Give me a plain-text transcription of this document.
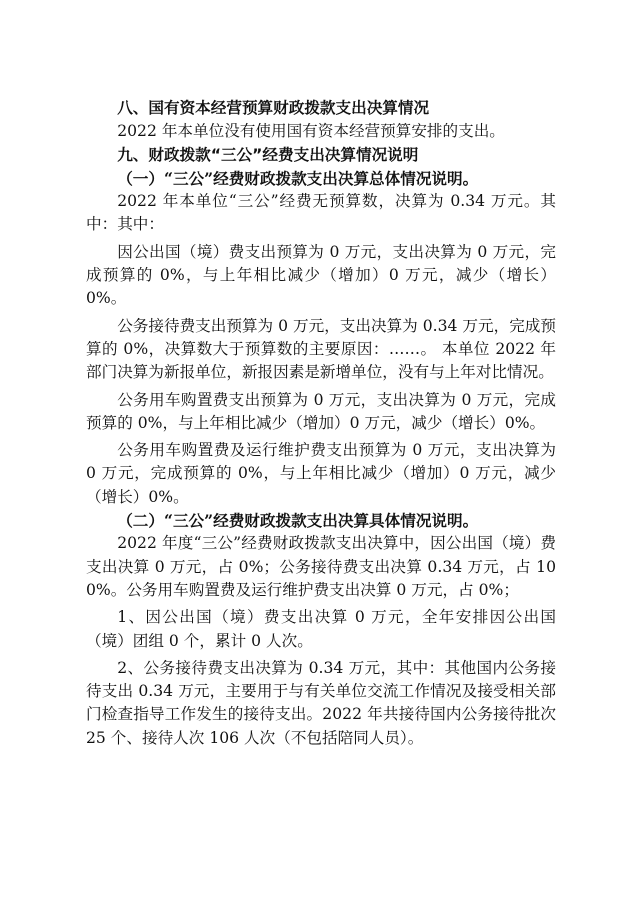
八、国有资本经营预算财政拨款支出决算情况

2022 年本单位没有使用国有资本经营预算安排的支出。

九、财政拨款“三公”经费支出决算情况说明

（一）“三公”经费财政拨款支出决算总体情况说明。

2022 年本单位“三公”经费无预算数，决算为 0.34 万元。其中：其中：

因公出国（境）费支出预算为 0 万元，支出决算为 0 万元，完成预算的 0%，与上年相比减少（增加）0 万元，减少（增长）0%。

公务接待费支出预算为 0 万元，支出决算为 0.34 万元，完成预算的 0%，决算数大于预算数的主要原因：……。 本单位 2022 年部门决算为新报单位，新报因素是新增单位，没有与上年对比情况。

公务用车购置费支出预算为 0 万元，支出决算为 0 万元，完成预算的 0%，与上年相比减少（增加）0 万元，减少（增长）0%。

公务用车购置费及运行维护费支出预算为 0 万元，支出决算为 0 万元，完成预算的 0%，与上年相比减少（增加）0 万元，减少（增长）0%。

（二）“三公”经费财政拨款支出决算具体情况说明。

2022 年度“三公”经费财政拨款支出决算中，因公出国（境）费支出决算 0 万元，占 0%；公务接待费支出决算 0.34 万元，占 100%。公务用车购置费及运行维护费支出决算 0 万元，占 0%；

1、因公出国（境）费支出决算 0 万元，全年安排因公出国（境）团组 0 个，累计 0 人次。

2、公务接待费支出决算为 0.34 万元，其中：其他国内公务接待支出 0.34 万元，主要用于与有关单位交流工作情况及接受相关部门检查指导工作发生的接待支出。2022 年共接待国内公务接待批次 25 个、接待人次 106 人次（不包括陪同人员）。
